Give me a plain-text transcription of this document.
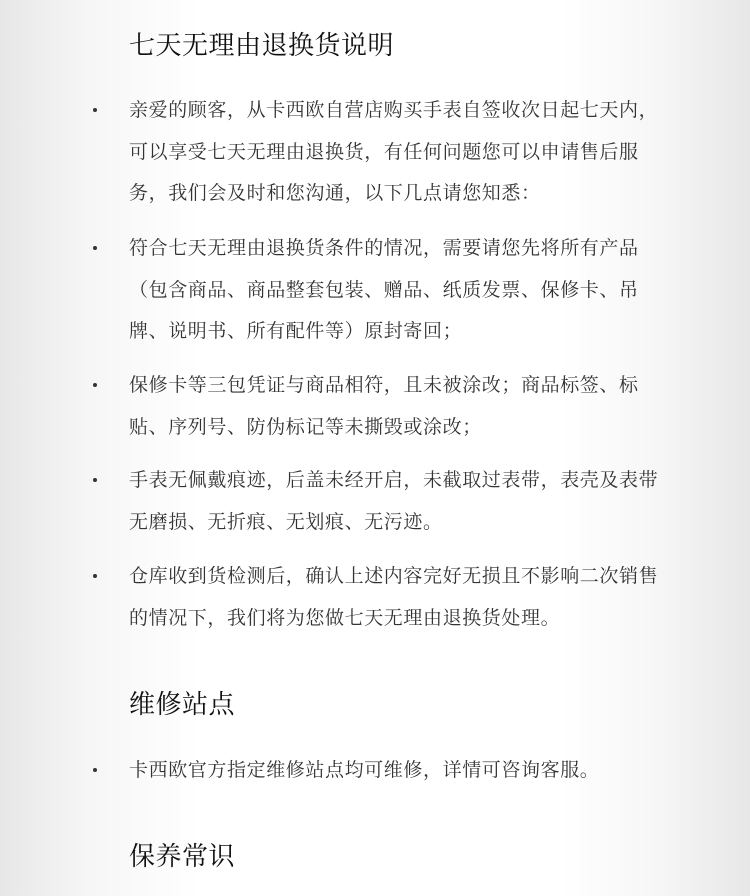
七天无理由退换货说明

亲爱的顾客，从卡西欧自营店购买手表自签收次日起七天内，可以享受七天无理由退换货，有任何问题您可以申请售后服务，我们会及时和您沟通，以下几点请您知悉：

符合七天无理由退换货条件的情况，需要请您先将所有产品（包含商品、商品整套包装、赠品、纸质发票、保修卡、吊牌、说明书、所有配件等）原封寄回；

保修卡等三包凭证与商品相符，且未被涂改；商品标签、标贴、序列号、防伪标记等未撕毁或涂改；

手表无佩戴痕迹，后盖未经开启，未截取过表带，表壳及表带无磨损、无折痕、无划痕、无污迹。

仓库收到货检测后，确认上述内容完好无损且不影响二次销售的情况下，我们将为您做七天无理由退换货处理。

维修站点

卡西欧官方指定维修站点均可维修，详情可咨询客服。

保养常识
